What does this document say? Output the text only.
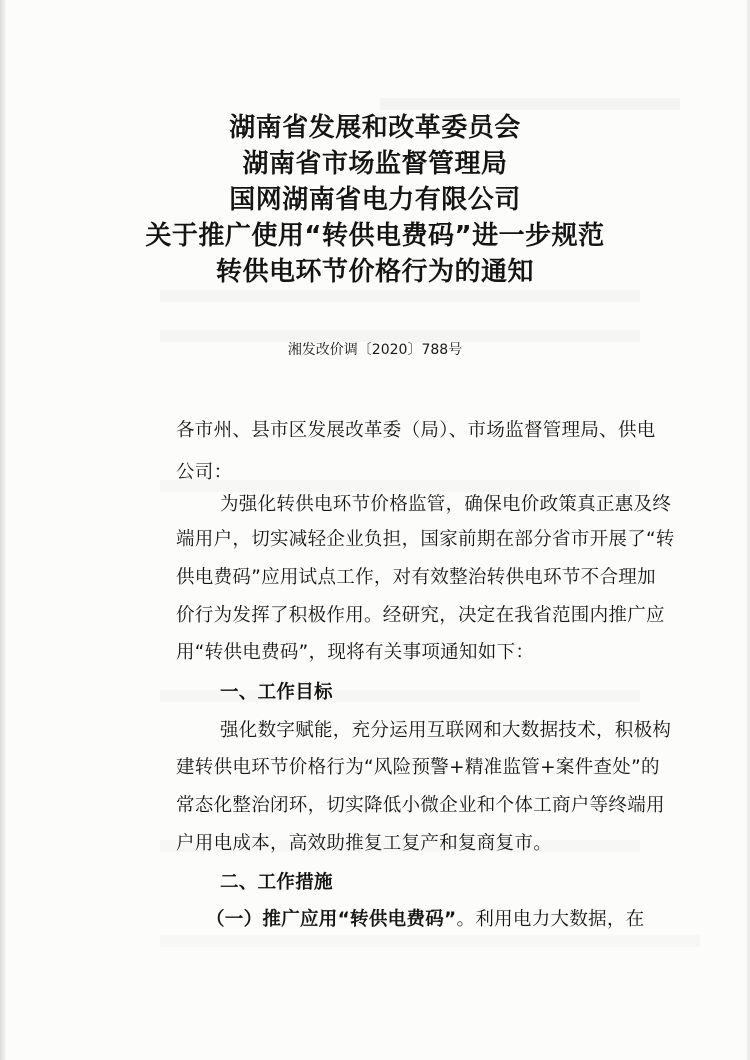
湖南省发展和改革委员会
湖南省市场监督管理局
国网湖南省电力有限公司
关于推广使用“转供电费码”进一步规范
转供电环节价格行为的通知
湘发改价调〔2020〕788号
各市州、县市区发展改革委（局）、市场监督管理局、供电
公司：
为强化转供电环节价格监管，确保电价政策真正惠及终
端用户，切实减轻企业负担，国家前期在部分省市开展了“转
供电费码”应用试点工作，对有效整治转供电环节不合理加
价行为发挥了积极作用。经研究，决定在我省范围内推广应
用“转供电费码”，现将有关事项通知如下：
一、工作目标
强化数字赋能，充分运用互联网和大数据技术，积极构
建转供电环节价格行为“风险预警+精准监管+案件查处”的
常态化整治闭环，切实降低小微企业和个体工商户等终端用
户用电成本，高效助推复工复产和复商复市。
二、工作措施
（一）推广应用“转供电费码”。利用电力大数据，在
